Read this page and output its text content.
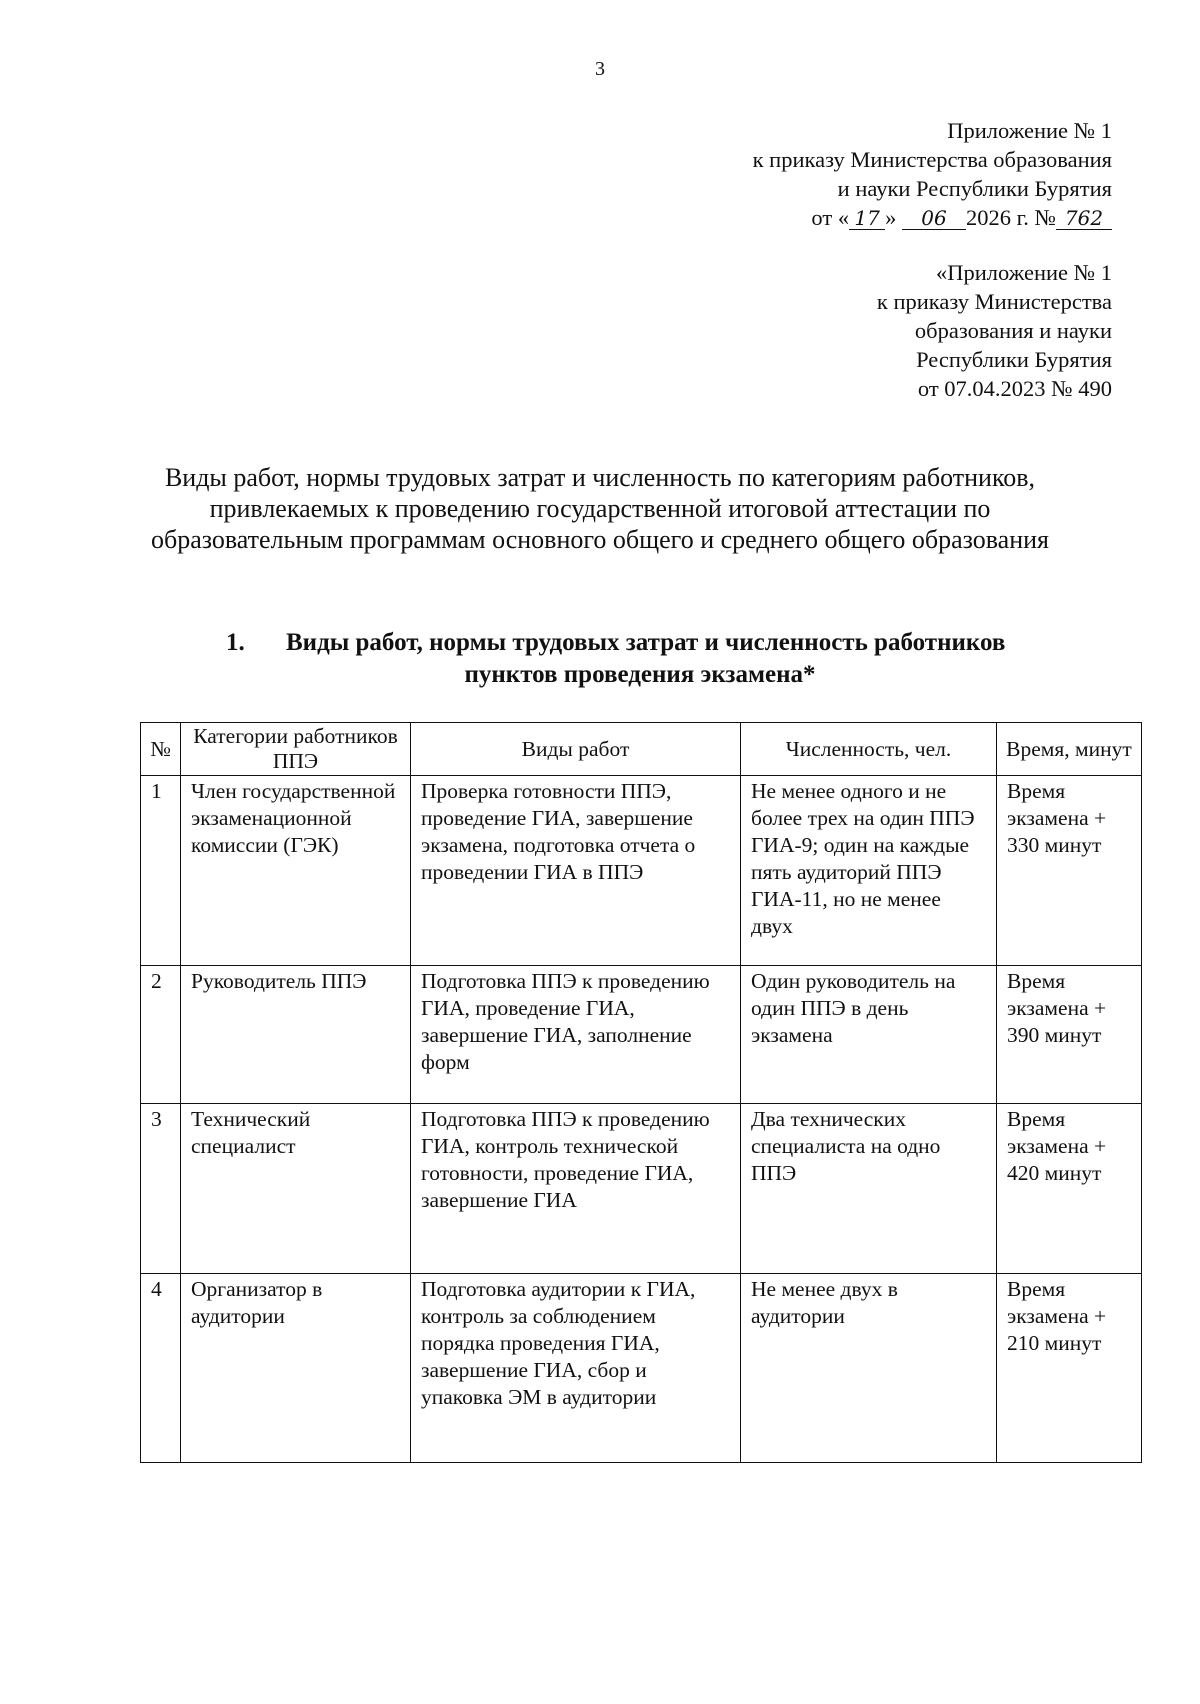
3
Приложение № 1
к приказу Министерства образования
и науки Республики Бурятия
от « 17 » 06 2026 г. № 762
«Приложение № 1
к приказу Министерства
образования и науки
Республики Бурятия
от 07.04.2023 № 490
Виды работ, нормы трудовых затрат и численность по категориям работников, привлекаемых к проведению государственной итоговой аттестации по образовательным программам основного общего и среднего общего образования
1.	Виды работ, нормы трудовых затрат и численность работников
пунктов проведения экзамена*
№	Категории работников ППЭ	Виды работ	Численность, чел.	Время, минут
1	Член государственной экзаменационной комиссии (ГЭК)	Проверка готовности ППЭ, проведение ГИА, завершение экзамена, подготовка отчета о проведении ГИА в ППЭ	Не менее одного и не более трех на один ППЭ ГИА-9; один на каждые пять аудиторий ППЭ ГИА-11, но не менее двух	Время экзамена + 330 минут
2	Руководитель ППЭ	Подготовка ППЭ к проведению ГИА, проведение ГИА, завершение ГИА, заполнение форм	Один руководитель на один ППЭ в день экзамена	Время экзамена + 390 минут
3	Технический специалист	Подготовка ППЭ к проведению ГИА, контроль технической готовности, проведение ГИА, завершение ГИА	Два технических специалиста на одно ППЭ	Время экзамена + 420 минут
4	Организатор в аудитории	Подготовка аудитории к ГИА, контроль за соблюдением порядка проведения ГИА, завершение ГИА, сбор и упаковка ЭМ в аудитории	Не менее двух в аудитории	Время экзамена + 210 минут
